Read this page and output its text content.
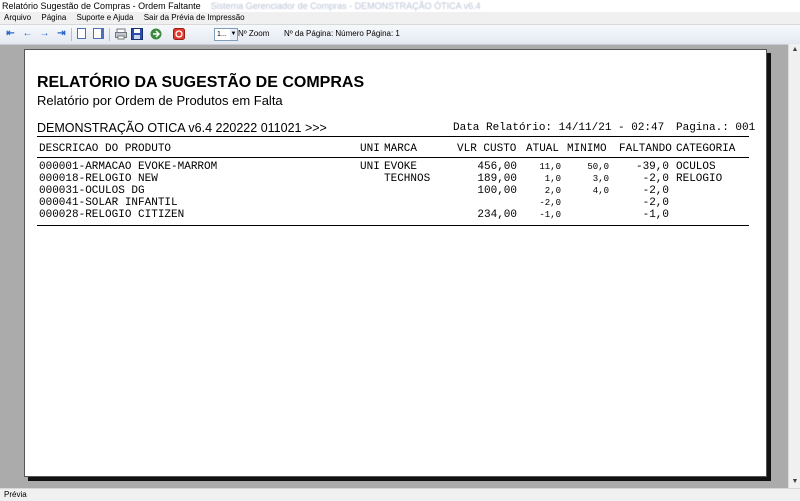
Relatório Sugestão de Compras - Ordem Faltante Sistema Gerenciador de Compras - DEMONSTRAÇÃO ÓTICA v6.4
Arquivo Página Suporte e Ajuda Sair da Prévia de Impressão
⇤ ← → ⇥	1... ▼ Nº Zoom Nº da Página: Número Página: 1
▲
▼
RELATÓRIO DA SUGESTÃO DE COMPRAS
Relatório por Ordem de Produtos em Falta
DEMONSTRAÇÃO OTICA v6.4 220222 011021 >>>	Data Relatório: 14/11/21 - 02:47 Pagina.: 001
DESCRICAO DO PRODUTO	UNI MARCA	VLR CUSTO ATUAL MINIMO FALTANDO CATEGORIA
000001-ARMACAO EVOKE-MARROM	UNI EVOKE	456,00	11,0	50,0	-39,0 OCULOS
000018-RELOGIO NEW	TECHNOS	189,00	1,0	3,0	-2,0 RELOGIO
000031-OCULOS DG	100,00	2,0	4,0	-2,0
000041-SOLAR INFANTIL	-2,0	-2,0
000028-RELOGIO CITIZEN	234,00	-1,0	-1,0
Prévia
